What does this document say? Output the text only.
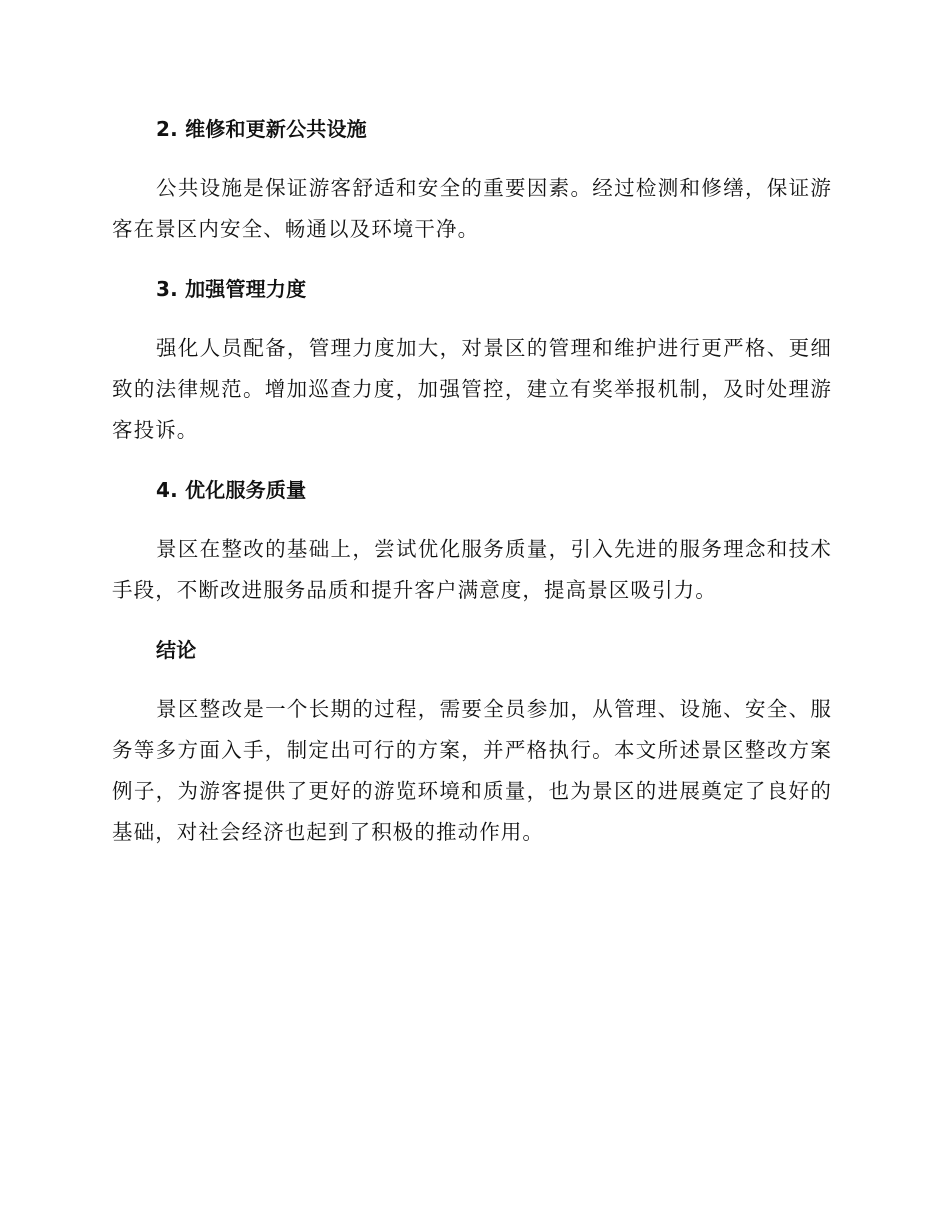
2. 维修和更新公共设施

公共设施是保证游客舒适和安全的重要因素。经过检测和修缮，保证游客在景区内安全、畅通以及环境干净。

3. 加强管理力度

强化人员配备，管理力度加大，对景区的管理和维护进行更严格、更细致的法律规范。增加巡查力度，加强管控，建立有奖举报机制，及时处理游客投诉。

4. 优化服务质量

景区在整改的基础上，尝试优化服务质量，引入先进的服务理念和技术手段，不断改进服务品质和提升客户满意度，提高景区吸引力。

结论

景区整改是一个长期的过程，需要全员参加，从管理、设施、安全、服务等多方面入手，制定出可行的方案，并严格执行。本文所述景区整改方案例子，为游客提供了更好的游览环境和质量，也为景区的进展奠定了良好的基础，对社会经济也起到了积极的推动作用。
